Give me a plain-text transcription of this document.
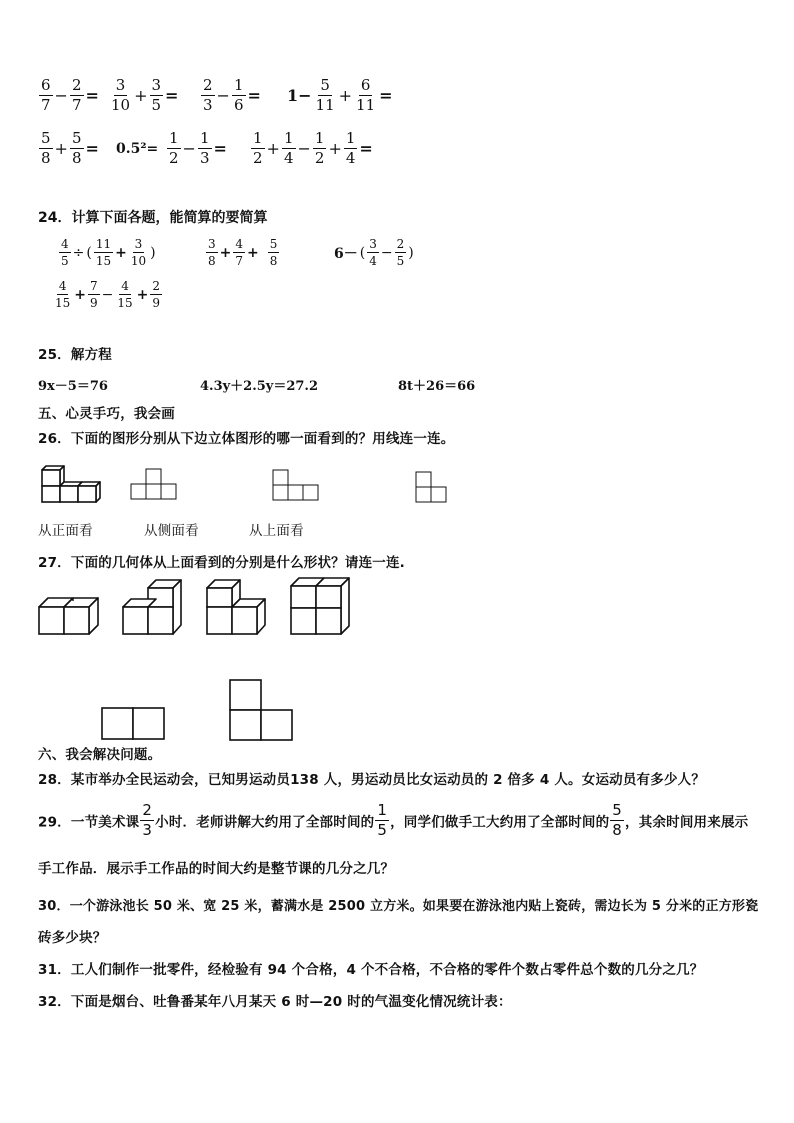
$\frac{6}{7} - \frac{2}{7} = \frac{3}{10} + \frac{3}{5} = \frac{2}{3} - \frac{1}{6} = 1- \frac{5}{11} + \frac{6}{11}$ =
$\frac{5}{8} + \frac{5}{8} = 0.5^2= \frac{1}{2} - \frac{1}{3} = \frac{1}{2} + \frac{1}{4} - \frac{1}{2} + \frac{1}{4}$ =
24．计算下面各题，能简算的要简算
$\frac{4}{5}$ ÷ ( $\frac{11}{15} + \frac{3}{10}$ )	$\frac{3}{8} + \frac{4}{7} + \frac{5}{8}$	6－ ( $\frac{3}{4} - \frac{2}{5}$ )
$\frac{4}{15} + \frac{7}{9} - \frac{4}{15} + \frac{2}{9}$
25．解方程
9x－5＝76	4.3y＋2.5y＝27.2	8t＋26＝66
五、心灵手巧，我会画
26．下面的图形分别从下边立体图形的哪一面看到的？用线连一连。
从正面看	从侧面看	从上面看
27．下面的几何体从上面看到的分别是什么形状？请连一连.
六、我会解决问题。
28．某市举办全民运动会，已知男运动员138 人，男运动员比女运动员的 2 倍多 4 人。女运动员有多少人？
29．一节美术课 $\frac{2}{3}$ 小时．老师讲解大约用了全部时间的 $\frac{1}{5}$ ，同学们做手工大约用了全部时间的 $\frac{5}{8}$ ，其余时间用来展示
手工作品．展示手工作品的时间大约是整节课的几分之几？
30．一个游泳池长 50 米、宽 25 米，蓄满水是 2500 立方米。如果要在游泳池内贴上瓷砖，需边长为 5 分米的正方形瓷
砖多少块？
31．工人们制作一批零件，经检验有 94 个合格，4 个不合格，不合格的零件个数占零件总个数的几分之几？
32．下面是烟台、吐鲁番某年八月某天 6 时—20 时的气温变化情况统计表：
